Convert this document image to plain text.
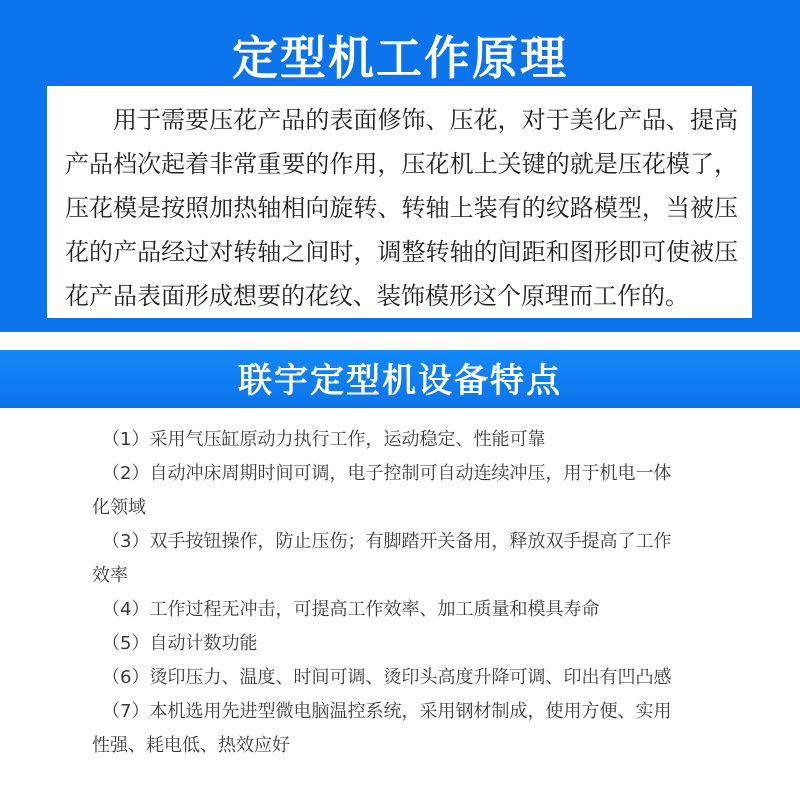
定型机工作原理

用于需要压花产品的表面修饰、压花，对于美化产品、提高产品档次起着非常重要的作用，压花机上关键的就是压花模了，压花模是按照加热轴相向旋转、转轴上装有的纹路模型，当被压花的产品经过对转轴之间时，调整转轴的间距和图形即可使被压花产品表面形成想要的花纹、装饰模形这个原理而工作的。

联宇定型机设备特点
（1）采用气压缸原动力执行工作，运动稳定、性能可靠
（2）自动冲床周期时间可调，电子控制可自动连续冲压，用于机电一体化领域
（3）双手按钮操作，防止压伤；有脚踏开关备用，释放双手提高了工作效率
（4）工作过程无冲击，可提高工作效率、加工质量和模具寿命
（5）自动计数功能
（6）烫印压力、温度、时间可调、烫印头高度升降可调、印出有凹凸感
（7）本机选用先进型微电脑温控系统，采用钢材制成，使用方便、实用性强、耗电低、热效应好
